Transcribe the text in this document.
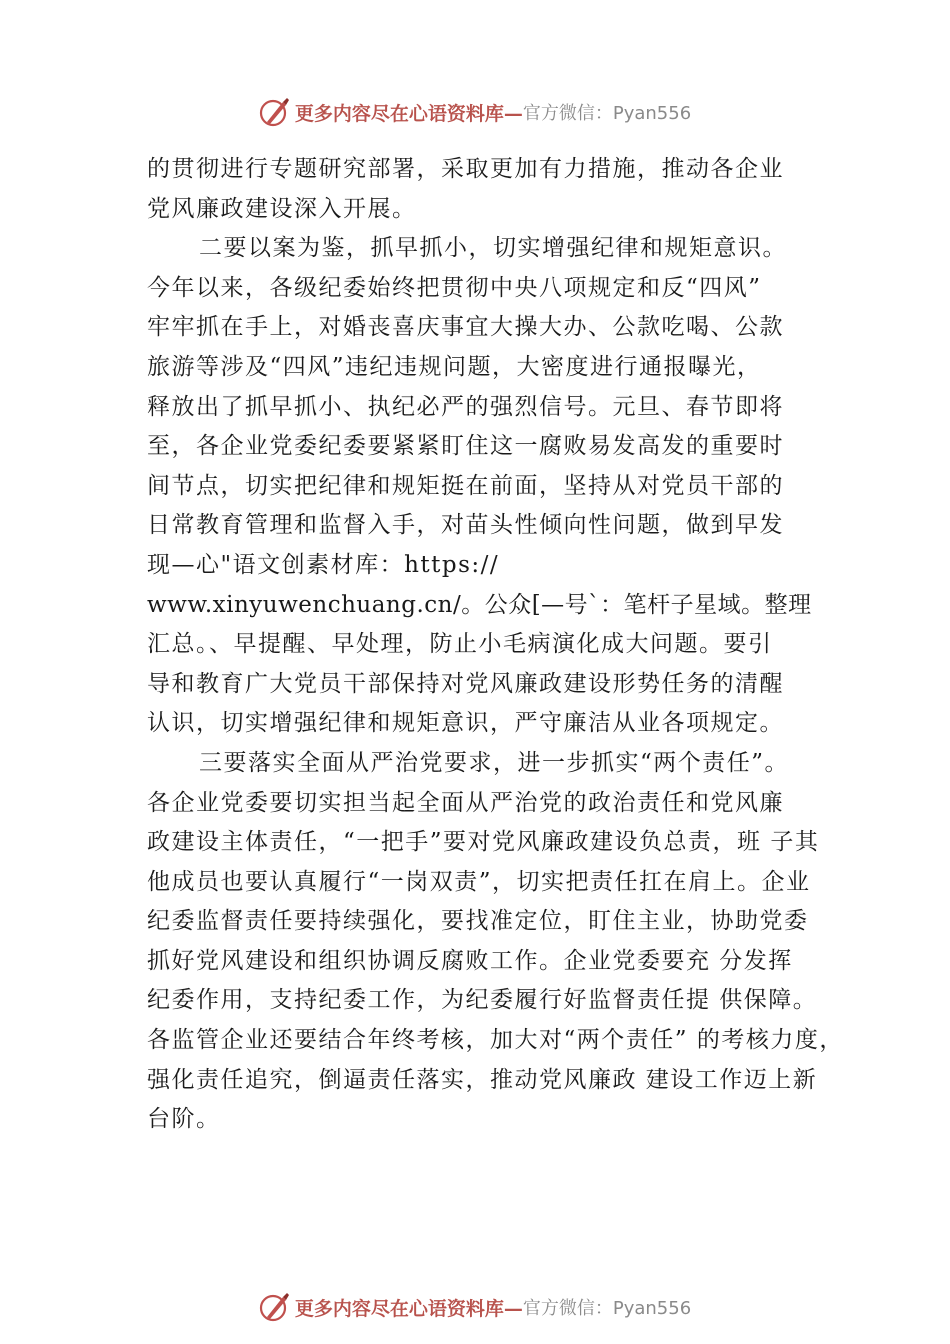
更多内容尽在心语资料库— 官方微信：Pyan556
的贯彻进行专题研究部署，采取更加有力措施，推动各企业
党风廉政建设深入开展。
二要以案为鉴，抓早抓小，切实增强纪律和规矩意识。
今年以来，各级纪委始终把贯彻中央八项规定和反“四风”
牢牢抓在手上，对婚丧喜庆事宜大操大办、公款吃喝、公款
旅游等涉及“四风”违纪违规问题，大密度进行通报曝光，
释放出了抓早抓小、执纪必严的强烈信号。元旦、春节即将
至，各企业党委纪委要紧紧盯住这一腐败易发高发的重要时
间节点，切实把纪律和规矩挺在前面，坚持从对党员干部的
日常教育管理和监督入手，对苗头性倾向性问题，做到早发
现—心"语文创素材库：https://
www.xinyuwenchuang.cn/。公众[—号`：笔杆子星域。整理
汇总。、早提醒、早处理，防止小毛病演化成大问题。要引
导和教育广大党员干部保持对党风廉政建设形势任务的清醒
认识，切实增强纪律和规矩意识，严守廉洁从业各项规定。
三要落实全面从严治党要求，进一步抓实“两个责任”。
各企业党委要切实担当起全面从严治党的政治责任和党风廉
政建设主体责任，“一把手”要对党风廉政建设负总责，班 子其
他成员也要认真履行“一岗双责”，切实把责任扛在肩上。企业
纪委监督责任要持续强化，要找准定位，盯住主业，协助党委
抓好党风建设和组织协调反腐败工作。企业党委要充 分发挥
纪委作用，支持纪委工作，为纪委履行好监督责任提 供保障。
各监管企业还要结合年终考核，加大对“两个责任” 的考核力度，
强化责任追究，倒逼责任落实，推动党风廉政 建设工作迈上新
台阶。
更多内容尽在心语资料库— 官方微信：Pyan556
